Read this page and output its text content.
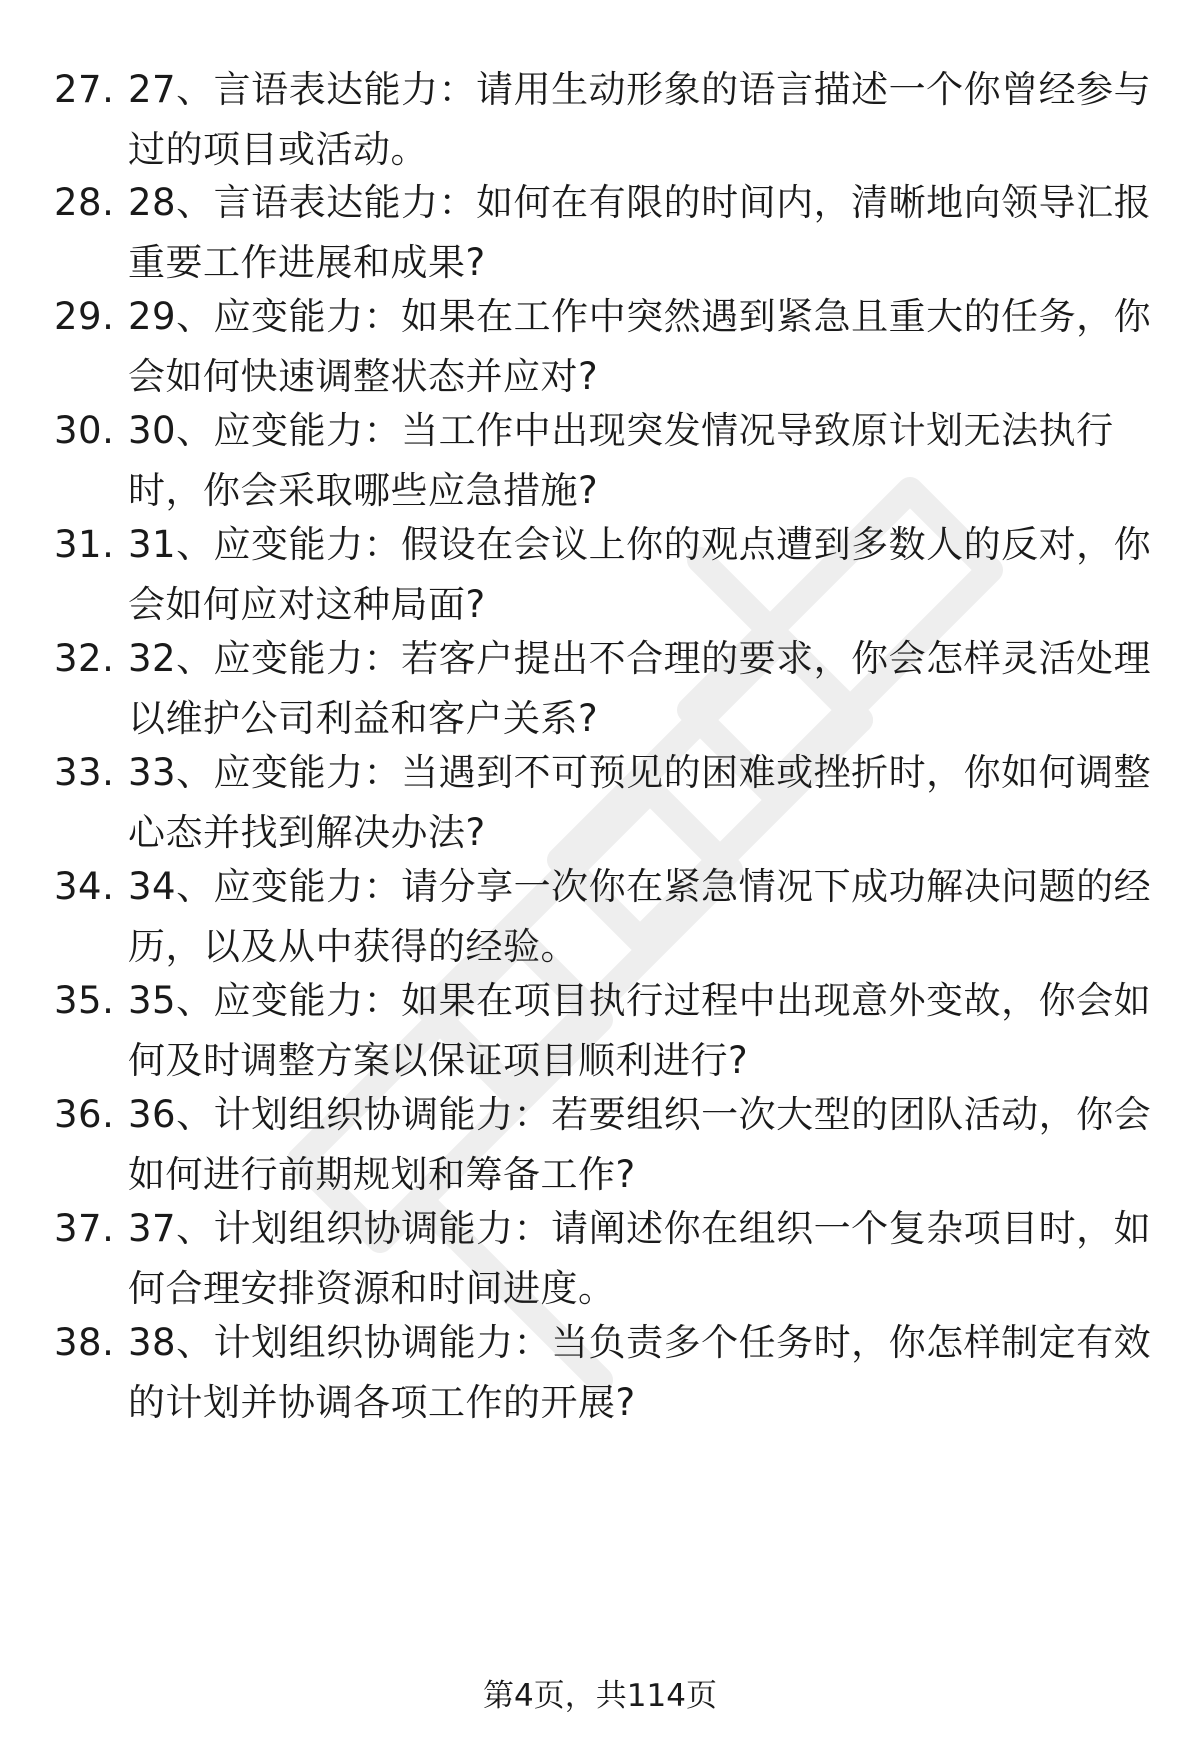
27. 27、言语表达能力：请用生动形象的语言描述一个你曾经参与过的项目或活动。
28. 28、言语表达能力：如何在有限的时间内，清晰地向领导汇报重要工作进展和成果?
29. 29、应变能力：如果在工作中突然遇到紧急且重大的任务，你会如何快速调整状态并应对?
30. 30、应变能力：当工作中出现突发情况导致原计划无法执行时，你会采取哪些应急措施?
31. 31、应变能力：假设在会议上你的观点遭到多数人的反对，你会如何应对这种局面?
32. 32、应变能力：若客户提出不合理的要求，你会怎样灵活处理以维护公司利益和客户关系?
33. 33、应变能力：当遇到不可预见的困难或挫折时，你如何调整心态并找到解决办法?
34. 34、应变能力：请分享一次你在紧急情况下成功解决问题的经历，以及从中获得的经验。
35. 35、应变能力：如果在项目执行过程中出现意外变故，你会如何及时调整方案以保证项目顺利进行?
36. 36、计划组织协调能力：若要组织一次大型的团队活动，你会如何进行前期规划和筹备工作?
37. 37、计划组织协调能力：请阐述你在组织一个复杂项目时，如何合理安排资源和时间进度。
38. 38、计划组织协调能力：当负责多个任务时，你怎样制定有效的计划并协调各项工作的开展?
第4页，共114页
